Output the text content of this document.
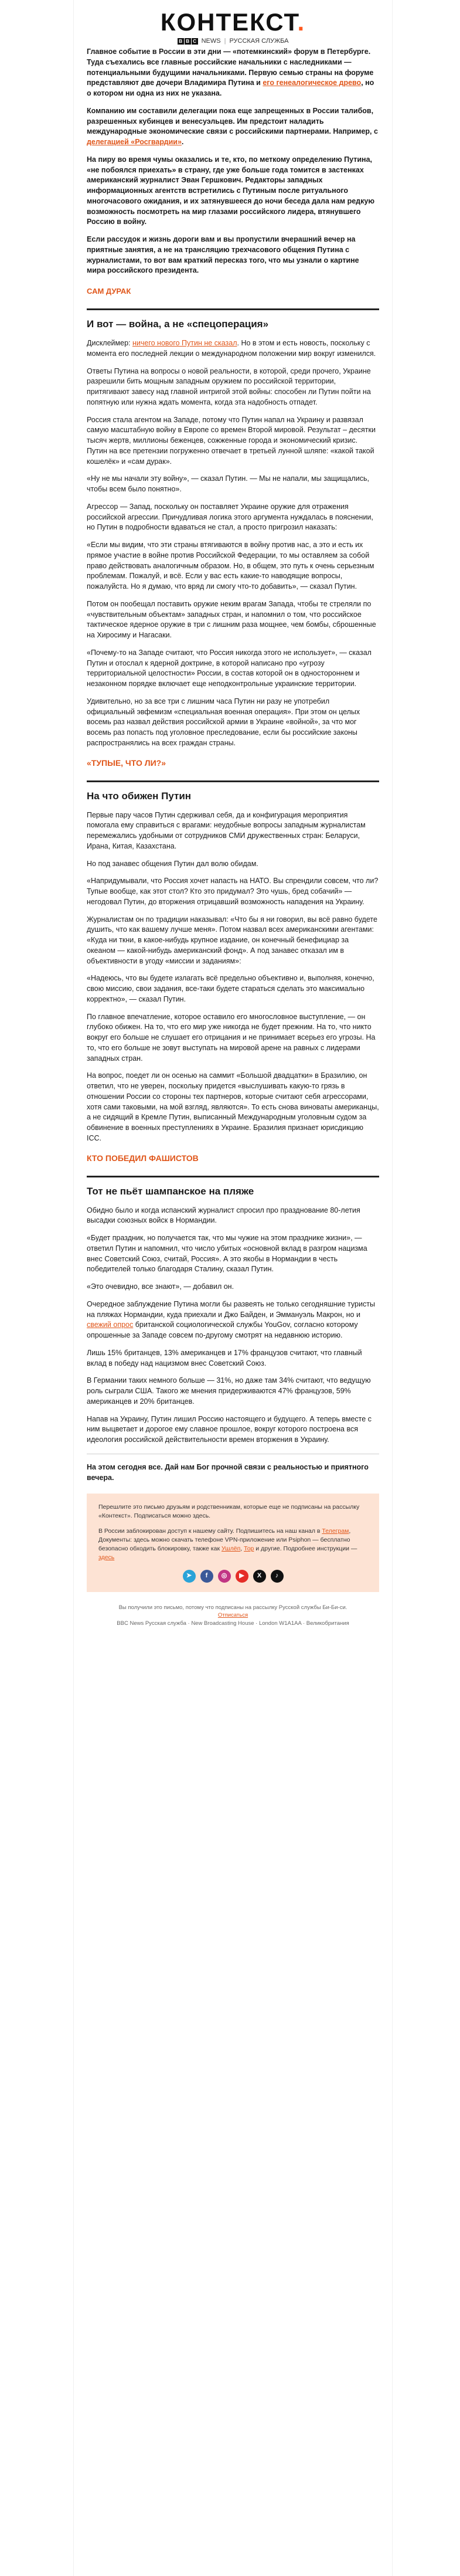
КОНТЕКСТ.
B B C NEWS | РУССКАЯ СЛУЖБА

Главное событие в России в эти дни — «потемкинский» форум в Петербурге. Туда съехались все главные российские начальники с наследниками — потенциальными будущими начальниками. Первую семью страны на форуме представляют две дочери Владимира Путина и его генеалогическое древо, но о котором ни одна из них не указана.

Компанию им составили делегации пока еще запрещенных в России талибов, разрешенных кубинцев и венесуэльцев. Им предстоит наладить международные экономические связи с российскими партнерами. Например, с делегацией «Росгвардии».

На пиру во время чумы оказались и те, кто, по меткому определению Путина, «не побоялся приехать» в страну, где уже больше года томится в застенках американский журналист Эван Гершкович. Редакторы западных информационных агентств встретились с Путиным после ритуального многочасового ожидания, и их затянувшееся до ночи беседа дала нам редкую возможность посмотреть на мир глазами российского лидера, втянувшего Россию в войну.

Если рассудок и жизнь дороги вам и вы пропустили вчерашний вечер на приятные занятия, а не на трансляцию трехчасового общения Путина с журналистами, то вот вам краткий пересказ того, что мы узнали о картине мира российского президента.

САМ ДУРАК
И вот — война, а не «спецоперация»

Дисклеймер: ничего нового Путин не сказал. Но в этом и есть новость, поскольку с момента его последней лекции о международном положении мир вокруг изменился.

Ответы Путина на вопросы о новой реальности, в которой, среди прочего, Украине разрешили бить мощным западным оружием по российской территории, притягивают завесу над главной интригой этой войны: способен ли Путин пойти на попятную или нужна ждать момента, когда эта надобность отпадет.

Россия стала агентом на Западе, потому что Путин напал на Украину и развязал самую масштабную войну в Европе со времен Второй мировой. Результат – десятки тысяч жертв, миллионы беженцев, сожженные города и экономический кризис. Путин на все претензии погруженно отвечает в третьей лунной шляпе: «какой такой кошелёк» и «сам дурак».

«Ну не мы начали эту войну», — сказал Путин. — Мы не напали, мы защищались, чтобы всем было понятно».

Агрессор — Запад, поскольку он поставляет Украине оружие для отражения российской агрессии. Причудливая логика этого аргумента нуждалась в пояснении, но Путин в подробности вдаваться не стал, а просто пригрозил наказать:

«Если мы видим, что эти страны втягиваются в войну против нас, а это и есть их прямое участие в войне против Российской Федерации, то мы оставляем за собой право действовать аналогичным образом. Но, в общем, это путь к очень серьезным проблемам. Пожалуй, и всё. Если у вас есть какие-то наводящие вопросы, пожалуйста. Но я думаю, что вряд ли смогу что-то добавить», — сказал Путин.

Потом он пообещал поставить оружие неким врагам Запада, чтобы те стреляли по «чувствительным объектам» западных стран, и напомнил о том, что российское тактическое ядерное оружие в три с лишним раза мощнее, чем бомбы, сброшенные на Хиросиму и Нагасаки.

«Почему-то на Западе считают, что Россия никогда этого не использует», — сказал Путин и отослал к ядерной доктрине, в которой написано про «угрозу территориальной целостности» России, в состав которой он в одностороннем и незаконном порядке включает еще неподконтрольные украинские территории.

Удивительно, но за все три с лишним часа Путин ни разу не употребил официальный эвфемизм «специальная военная операция». При этом он целых восемь раз назвал действия российской армии в Украине «войной», за что мог восемь раз попасть под уголовное преследование, если бы российские законы распространялись на всех граждан страны.

«ТУПЫЕ, ЧТО ЛИ?»
На что обижен Путин

Первые пару часов Путин сдерживал себя, да и конфигурация мероприятия помогала ему справиться с врагами: неудобные вопросы западным журналистам перемежались удобными от сотрудников СМИ дружественных стран: Беларуси, Ирана, Китая, Казахстана.

Но под занавес общения Путин дал волю обидам.

«Напридумывали, что Россия хочет напасть на НАТО. Вы спрендили совсем, что ли? Тупые вообще, как этот стол? Кто это придумал? Это чушь, бред собачий» — негодовал Путин, до вторжения отрицавший возможность нападения на Украину.

Журналистам он по традиции наказывал: «Что бы я ни говорил, вы всё равно будете душить, что как вашему лучше меня». Потом назвал всех американскими агентами: «Куда ни ткни, в какое-нибудь крупное издание, он конечный бенефициар за океаном — какой-нибудь американский фонд». А под занавес отказал им в объективности в угоду «миссии и заданиям»:

«Надеюсь, что вы будете излагать всё предельно объективно и, выполняя, конечно, свою миссию, свои задания, все-таки будете стараться сделать это максимально корректно», — сказал Путин.

По главное впечатление, которое оставило его многословное выступление, — он глубоко обижен. На то, что его мир уже никогда не будет прежним. На то, что никто вокруг его больше не слушает его отрицания и не принимает всерьез его угрозы. На то, что его больше не зовут выступать на мировой арене на равных с лидерами западных стран.

На вопрос, поедет ли он осенью на саммит «Большой двадцатки» в Бразилию, он ответил, что не уверен, поскольку придется «выслушивать какую-то грязь в отношении России со стороны тех партнеров, которые считают себя агрессорами, хотя сами таковыми, на мой взгляд, являются». То есть снова виноваты американцы, а не сидящий в Кремле Путин, выписанный Международным уголовным судом за обвинение в военных преступлениях в Украине. Бразилия признает юрисдикцию ICC.

КТО ПОБЕДИЛ ФАШИСТОВ
Тот не пьёт шампанское на пляже

Обидно было и когда испанский журналист спросил про празднование 80-летия высадки союзных войск в Нормандии.

«Будет праздник, но получается так, что мы чужие на этом празднике жизни», — ответил Путин и напомнил, что число убитых «основной вклад в разгром нацизма внес Советский Союз, считай, Россия». А это якобы в Нормандии в честь победителей только благодаря Сталину, сказал Путин.

«Это очевидно, все знают», — добавил он.

Очередное заблуждение Путина могли бы развеять не только сегодняшние туристы на пляжах Нормандии, куда приехали и Джо Байден, и Эммануэль Макрон, но и свежий опрос британской социологической службы YouGov, согласно которому опрошенные за Западе совсем по-другому смотрят на недавнюю историю.

Лишь 15% британцев, 13% американцев и 17% французов считают, что главный вклад в победу над нацизмом внес Советский Союз.

В Германии таких немного больше — 31%, но даже там 34% считают, что ведущую роль сыграли США. Такого же мнения придерживаются 47% французов, 59% американцев и 20% британцев.

Напав на Украину, Путин лишил Россию настоящего и будущего. А теперь вместе с ним выцветает и дорогое ему славное прошлое, вокруг которого построена вся идеология российской действительности времен вторжения в Украину.

На этом сегодня все. Дай нам Бог прочной связи с реальностью и приятного вечера.

Перешлите это письмо друзьям и родственникам, которые еще не подписаны на рассылку «Контекст». Подписаться можно здесь.

В России заблокирован доступ к нашему сайту. Подпишитесь на наш канал в Телеграм, Документы: здесь можно скачать телефоне VPN-приложение или Psiphon — бесплатно безопасно обходить блокировку, также как Ушлёп, Тор и другие. Подробнее инструкции — здесь

➤	f	◎	▶	X	♪
Вы получили это письмо, потому что подписаны на рассылку Русской службы Би-Би-си.
Отписаться
BBC News Русская служба · New Broadcasting House · London W1A1AA · Великобритания
